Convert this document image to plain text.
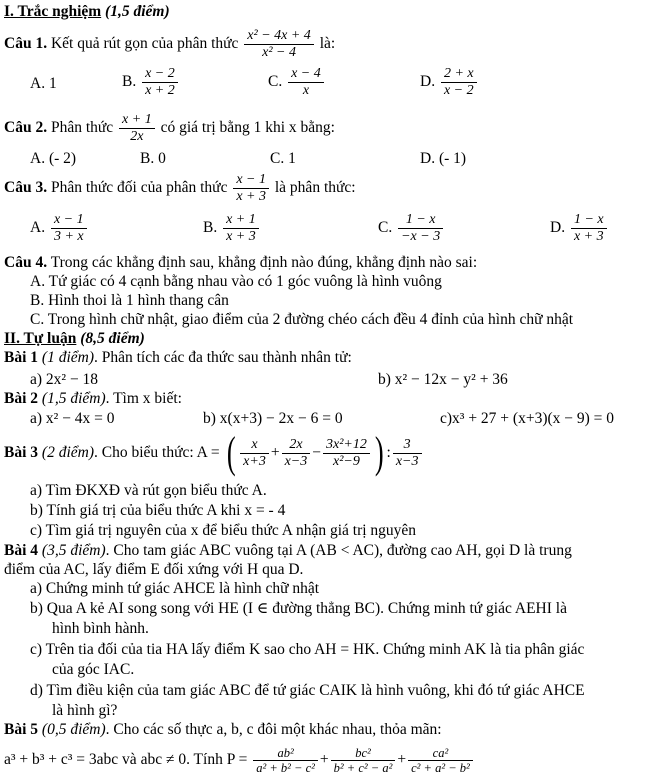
I. Trắc nghiệm (1,5 điểm)
Câu 1. Kết quả rút gọn của phân thức $\frac{\text{x² − 4x + 4}}{\text{x² − 4}}$ là:
A. 1	B. $\frac{x - 2}{x + 2}$	C. $\frac{x - 4}{x}$	D. $\frac{2 + x}{x - 2}$
Câu 2. Phân thức $\frac{x + 1}{2x}$ có giá trị bằng 1 khi x bằng:
A. (- 2)	B. 0	C. 1	D. (- 1)
Câu 3. Phân thức đối của phân thức $\frac{x - 1}{x + 3}$ là phân thức:
A. $\frac{x - 1}{3 + x}$	B. $\frac{x + 1}{x + 3}$	C. $\frac{1 - x}{-x - 3}$	D. $\frac{1 - x}{x + 3}$
Câu 4. Trong các khẳng định sau, khẳng định nào đúng, khẳng định nào sai:
A. Tứ giác có 4 cạnh bằng nhau vào có 1 góc vuông là hình vuông
B. Hình thoi là 1 hình thang cân
C. Trong hình chữ nhật, giao điểm của 2 đường chéo cách đều 4 đỉnh của hình chữ nhật
II. Tự luận (8,5 điểm)
Bài 1 (1 điểm). Phân tích các đa thức sau thành nhân tử:
a) 2x² − 18	b) x² − 12x − y² + 36
Bài 2 (1,5 điểm). Tìm x biết:
a) x² − 4x = 0	b) x(x+3) − 2x − 6 = 0	c)x³ + 27 + (x+3)(x − 9) = 0
Bài 3 (2 điểm). Cho biểu thức: A = ( $\frac{x}{x+3} + \frac{2x}{x-3} - \frac{\text{3x²+12}}{\text{x²−9}}$ ) : $\frac{3}{x-3}$
a) Tìm ĐKXĐ và rút gọn biểu thức A.
b) Tính giá trị của biểu thức A khi x = - 4
c) Tìm giá trị nguyên của x để biểu thức A nhận giá trị nguyên
Bài 4 (3,5 điểm). Cho tam giác ABC vuông tại A (AB < AC), đường cao AH, gọi D là trung
điểm của AC, lấy điểm E đối xứng với H qua D.
a) Chứng minh tứ giác AHCE là hình chữ nhật
b) Qua A kẻ AI song song với HE (I ∈ đường thẳng BC). Chứng minh tứ giác AEHI là
hình bình hành.
c) Trên tia đối của tia HA lấy điểm K sao cho AH = HK. Chứng minh AK là tia phân giác
của góc IAC.
d) Tìm điều kiện của tam giác ABC để tứ giác CAIK là hình vuông, khi đó tứ giác AHCE
là hình gì?
Bài 5 (0,5 điểm). Cho các số thực a, b, c đôi một khác nhau, thỏa mãn:
a³ + b³ + c³ = 3abc và abc ≠ 0. Tính $P = \frac{\text{ab²}}{\text{a² + b² − c²}} + \frac{\text{bc²}}{\text{b² + c² − a²}} + \frac{\text{ca²}}{\text{c² + a² − b²}}$
